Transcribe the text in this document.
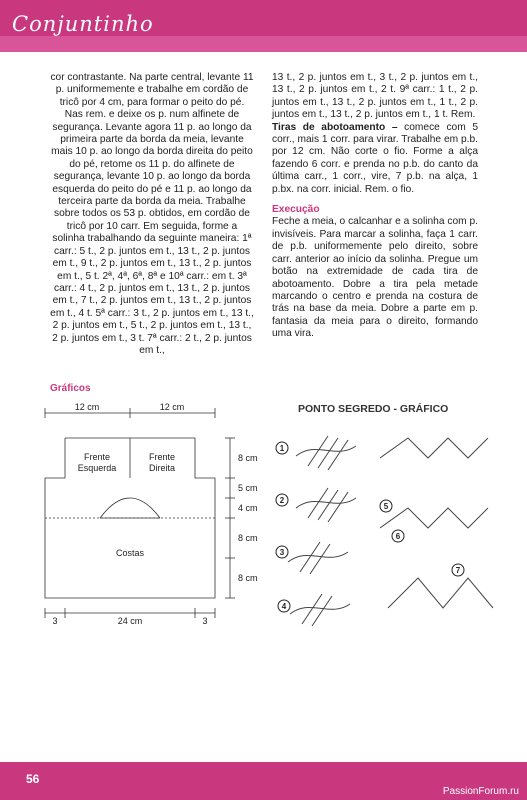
Conjuntinho

cor contrastante. Na parte central, levante 11 p. uniformemente e trabalhe em cordão de tricô por 4 cm, para formar o peito do pé. Nas rem. e deixe os p. num alfinete de segurança. Levante agora 11 p. ao longo da primeira parte da borda da meia, levante mais 10 p. ao longo da borda direita do peito do pé, retome os 11 p. do alfinete de segurança, levante 10 p. ao longo da borda esquerda do peito do pé e 11 p. ao longo da terceira parte da borda da meia. Trabalhe sobre todos os 53 p. obtidos, em cordão de tricô por 10 carr. Em seguida, forme a solinha trabalhando da seguinte maneira: 1ª carr.: 5 t., 2 p. juntos em t., 13 t., 2 p. juntos em t., 9 t., 2 p. juntos em t., 13 t., 2 p. juntos em t., 5 t. 2ª, 4ª, 6ª, 8ª e 10ª carr.: em t. 3ª carr.: 4 t., 2 p. juntos em t., 13 t., 2 p. juntos em t., 7 t., 2 p. juntos em t., 13 t., 2 p. juntos em t., 4 t. 5ª carr.: 3 t., 2 p. juntos em t., 13 t., 2 p. juntos em t., 5 t., 2 p. juntos em t., 13 t., 2 p. juntos em t., 3 t. 7ª carr.: 2 t., 2 p. juntos em t.,

13 t., 2 p. juntos em t., 3 t., 2 p. juntos em t., 13 t., 2 p. juntos em t., 2 t. 9ª carr.: 1 t., 2 p. juntos em t., 13 t., 2 p. juntos em t., 1 t., 2 p. juntos em t., 13 t., 2 p. juntos em t., 1 t. Rem.

Tiras de abotoamento – comece com 5 corr., mais 1 corr. para virar. Trabalhe em p.b. por 12 cm. Não corte o fio. Forme a alça fazendo 6 corr. e prenda no p.b. do canto da última carr., 1 corr., vire, 7 p.b. na alça, 1 p.bx. na corr. inicial. Rem. o fio.

Execução

Feche a meia, o calcanhar e a solinha com p. invisíveis. Para marcar a solinha, faça 1 carr. de p.b. uniformemente pelo direito, sobre carr. anterior ao início da solinha. Pregue um botão na extremidade de cada tira de abotoamento. Dobre a tira pela metade marcando o centro e prenda na costura de trás na base da meia. Dobre a parte em p. fantasia da meia para o direito, formando uma vira.

Gráficos
12 cm	12 cm
Frente
Esquerda
Frente
Direita
Costas
8 cm
5 cm
4 cm
8 cm
8 cm
3	24 cm	3
PONTO SEGREDO - GRÁFICO
1
2
3
4
5
6
7
56
PassionForum.ru
